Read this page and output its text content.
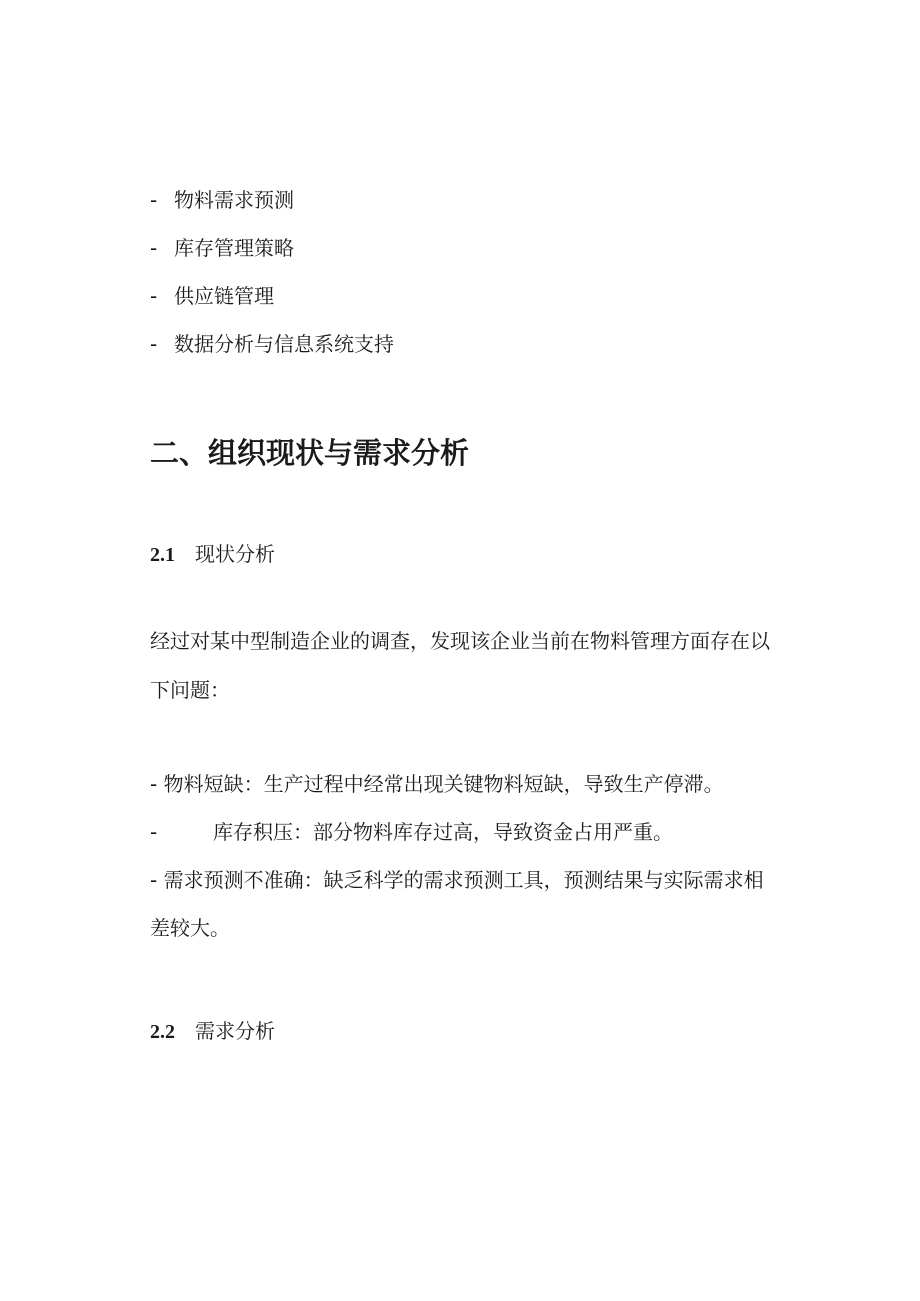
- 物料需求预测
- 库存管理策略
- 供应链管理
- 数据分析与信息系统支持
二、组织现状与需求分析
2.1 现状分析
经过对某中型制造企业的调查，发现该企业当前在物料管理方面存在以
下问题：
- 物料短缺：生产过程中经常出现关键物料短缺，导致生产停滞。
-	库存积压：部分物料库存过高，导致资金占用严重。
- 需求预测不准确：缺乏科学的需求预测工具，预测结果与实际需求相
差较大。
2.2 需求分析
